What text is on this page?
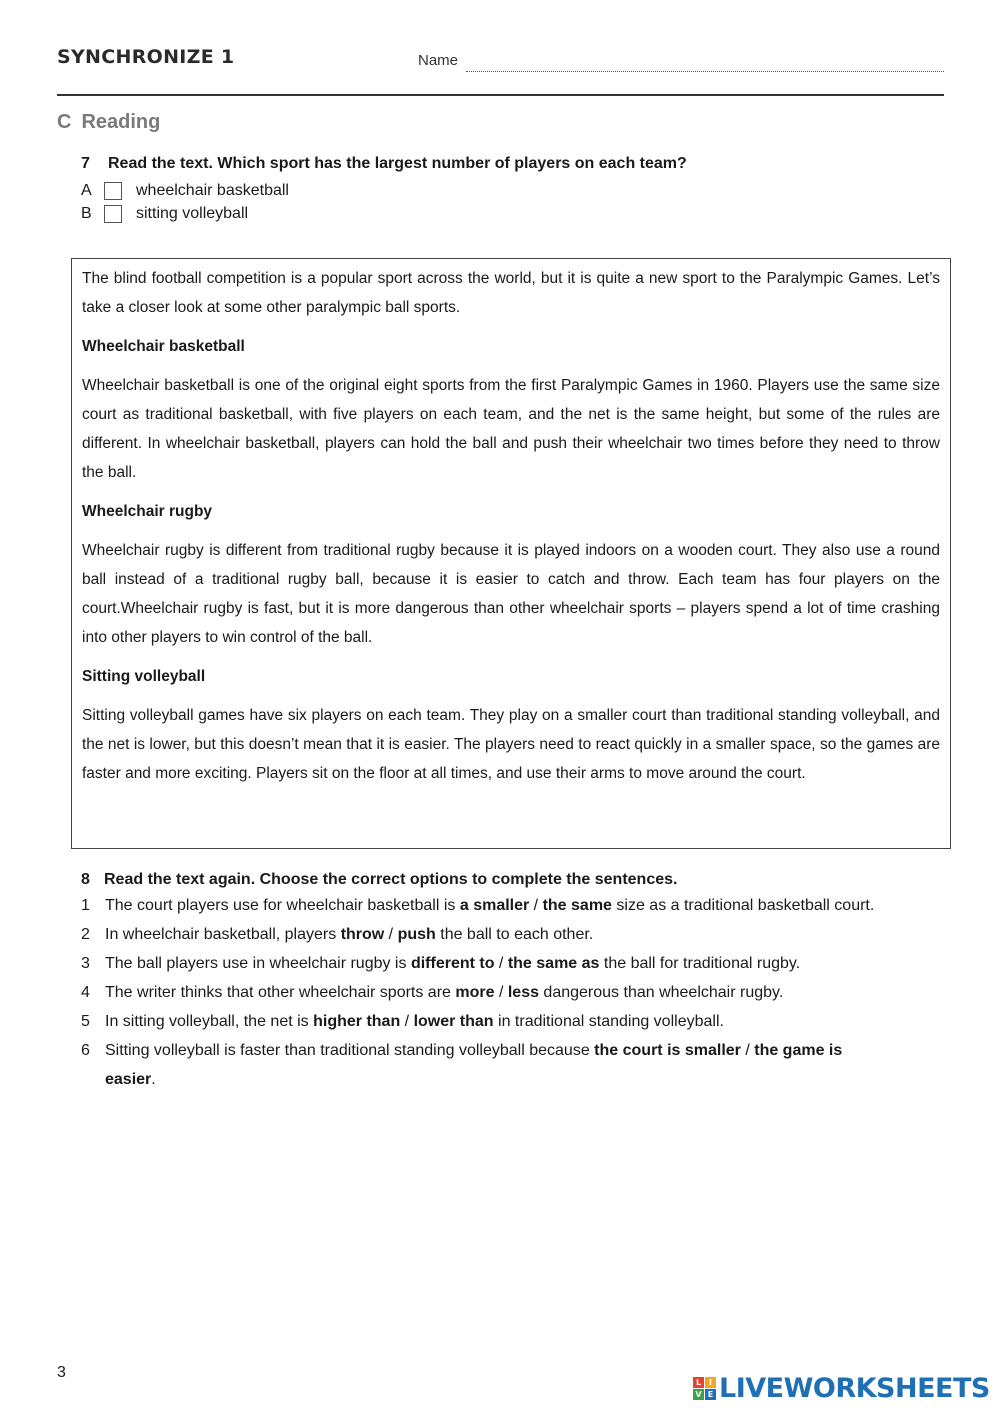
SYNCHRONIZE 1	Name
C Reading
7 Read the text. Which sport has the largest number of players on each team?
A	wheelchair basketball
B	sitting volleyball

The blind football competition is a popular sport across the world, but it is quite a new sport to the Paralympic Games. Let’s take a closer look at some other paralympic ball sports.

Wheelchair basketball

Wheelchair basketball is one of the original eight sports from the first Paralympic Games in 1960. Players use the same size court as traditional basketball, with five players on each team, and the net is the same height, but some of the rules are different. In wheelchair basketball, players can hold the ball and push their wheelchair two times before they need to throw the ball.

Wheelchair rugby

Wheelchair rugby is different from traditional rugby because it is played indoors on a wooden court. They also use a round ball instead of a traditional rugby ball, because it is easier to catch and throw. Each team has four players on the court.Wheelchair rugby is fast, but it is more dangerous than other wheelchair sports – players spend a lot of time crashing into other players to win control of the ball.

Sitting volleyball

Sitting volleyball games have six players on each team. They play on a smaller court than traditional standing volleyball, and the net is lower, but this doesn’t mean that it is easier. The players need to react quickly in a smaller space, so the games are faster and more exciting. Players sit on the floor at all times, and use their arms to move around the court.

8 Read the text again. Choose the correct options to complete the sentences.
1 The court players use for wheelchair basketball is a smaller / the same size as a traditional basketball court.
2 In wheelchair basketball, players throw / push the ball to each other.
3 The ball players use in wheelchair rugby is different to / the same as the ball for traditional rugby.
4 The writer thinks that other wheelchair sports are more / less dangerous than wheelchair rugby.
5 In sitting volleyball, the net is higher than / lower than in traditional standing volleyball.
6 Sitting volleyball is faster than traditional standing volleyball because the court is smaller / the game is easier.
3
L I
V E LIVEWORKSHEETS
